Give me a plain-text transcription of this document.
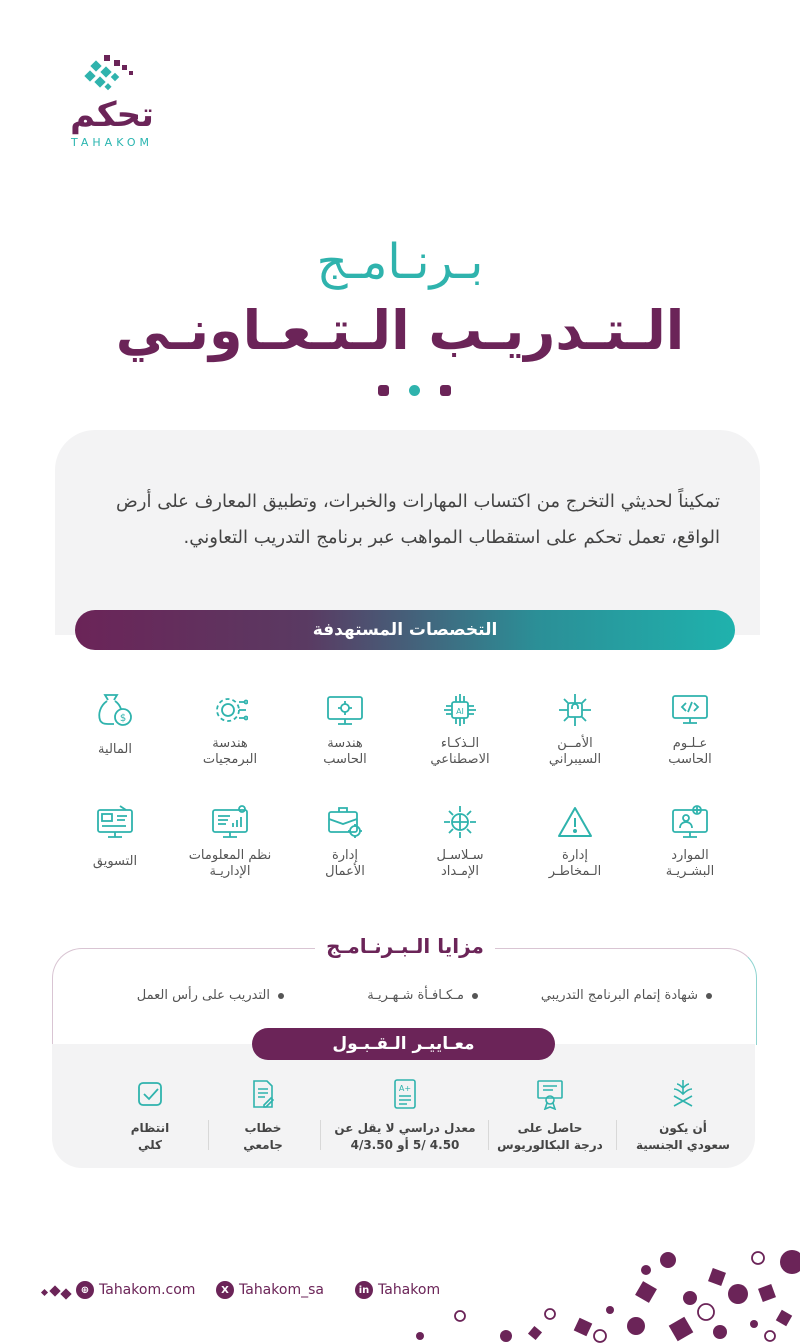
تحكم
TAHAKOM
بـرنـامـج
الـتـدريـب الـتـعـاونـي
تمكيناً لحديثي التخرج من اكتساب المهارات والخبرات، وتطبيق المعارف على أرض الواقع، تعمل تحكم على استقطاب المواهب عبر برنامج التدريب التعاوني.
التخصصات المستهدفة
عـلـوم
الحاسب
الأمــن
السيبراني
AI
الـذكـاء
الاصطناعي
هندسة
الحاسب
هندسة
البرمجيات
$
المالية
الموارد
البشـريـة
إدارة
الـمخاطـر
سـلاسـل
الإمـداد
إدارة
الأعمال
نظم المعلومات
الإداريـة
التسويق
مزايا الـبـرنـامـج
شهادة إتمام البرنامج التدريبي
مـكـافـأة شـهـريـة
التدريب على رأس العمل
معـاييـر الـقـبـول
أن يكون
سعودي الجنسية
حاصل على
درجة البكالوريوس
A+
معدل دراسي لا يقل عن
4.50 /5 أو 4/3.50
خطاب
جامعي
انتظام
كلي
⊕ Tahakom.com	X Tahakom_sa	in Tahakom
